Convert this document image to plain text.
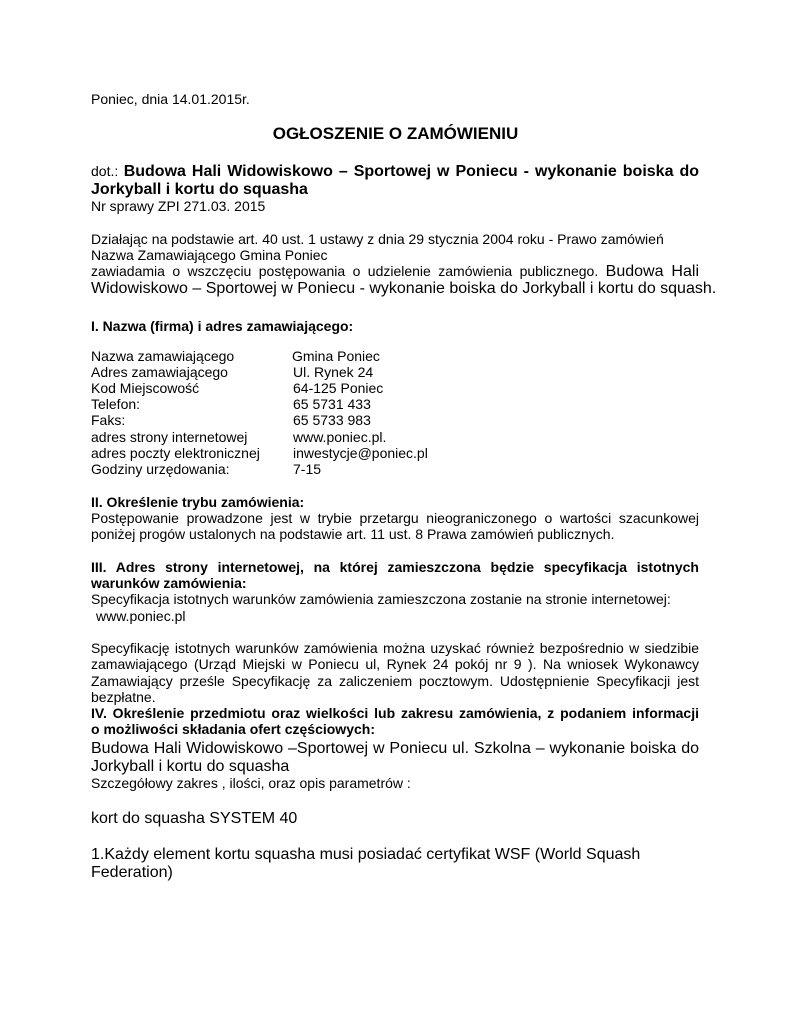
Poniec, dnia 14.01.2015r.
OGŁOSZENIE O ZAMÓWIENIU
dot.: Budowa Hali Widowiskowo – Sportowej w Poniecu - wykonanie boiska do
Jorkyball i kortu do squasha
Nr sprawy ZPI 271.03. 2015
Działając na podstawie art. 40 ust. 1 ustawy z dnia 29 stycznia 2004 roku - Prawo zamówień
Nazwa Zamawiającego Gmina Poniec
zawiadamia o wszczęciu postępowania o udzielenie zamówienia publicznego. Budowa Hali
Widowiskowo – Sportowej w Poniecu - wykonanie boiska do Jorkyball i kortu do squash.
I. Nazwa (firma) i adres zamawiającego:
Nazwa zamawiającego	Gmina Poniec
Adres zamawiającego	Ul. Rynek 24
Kod Miejscowość	64-125 Poniec
Telefon:	65 5731 433
Faks:	65 5733 983
adres strony internetowej	www.poniec.pl.
adres poczty elektronicznej inwestycje@poniec.pl
Godziny urzędowania:	7-15
II. Określenie trybu zamówienia:
Postępowanie prowadzone jest w trybie przetargu nieograniczonego o wartości szacunkowej
poniżej progów ustalonych na podstawie art. 11 ust. 8 Prawa zamówień publicznych.
III. Adres strony internetowej, na której zamieszczona będzie specyfikacja istotnych
warunków zamówienia:
Specyfikacja istotnych warunków zamówienia zamieszczona zostanie na stronie internetowej:
www.poniec.pl
Specyfikację istotnych warunków zamówienia można uzyskać również bezpośrednio w siedzibie
zamawiającego (Urząd Miejski w Poniecu ul, Rynek 24 pokój nr 9 ). Na wniosek Wykonawcy
Zamawiający prześle Specyfikację za zaliczeniem pocztowym. Udostępnienie Specyfikacji jest
bezpłatne.
IV. Określenie przedmiotu oraz wielkości lub zakresu zamówienia, z podaniem informacji
o możliwości składania ofert częściowych:
Budowa Hali Widowiskowo –Sportowej w Poniecu ul. Szkolna – wykonanie boiska do
Jorkyball i kortu do squasha
Szczegółowy zakres , ilości, oraz opis parametrów :
kort do squasha SYSTEM 40
1.Każdy element kortu squasha musi posiadać certyfikat WSF (World Squash
Federation)
